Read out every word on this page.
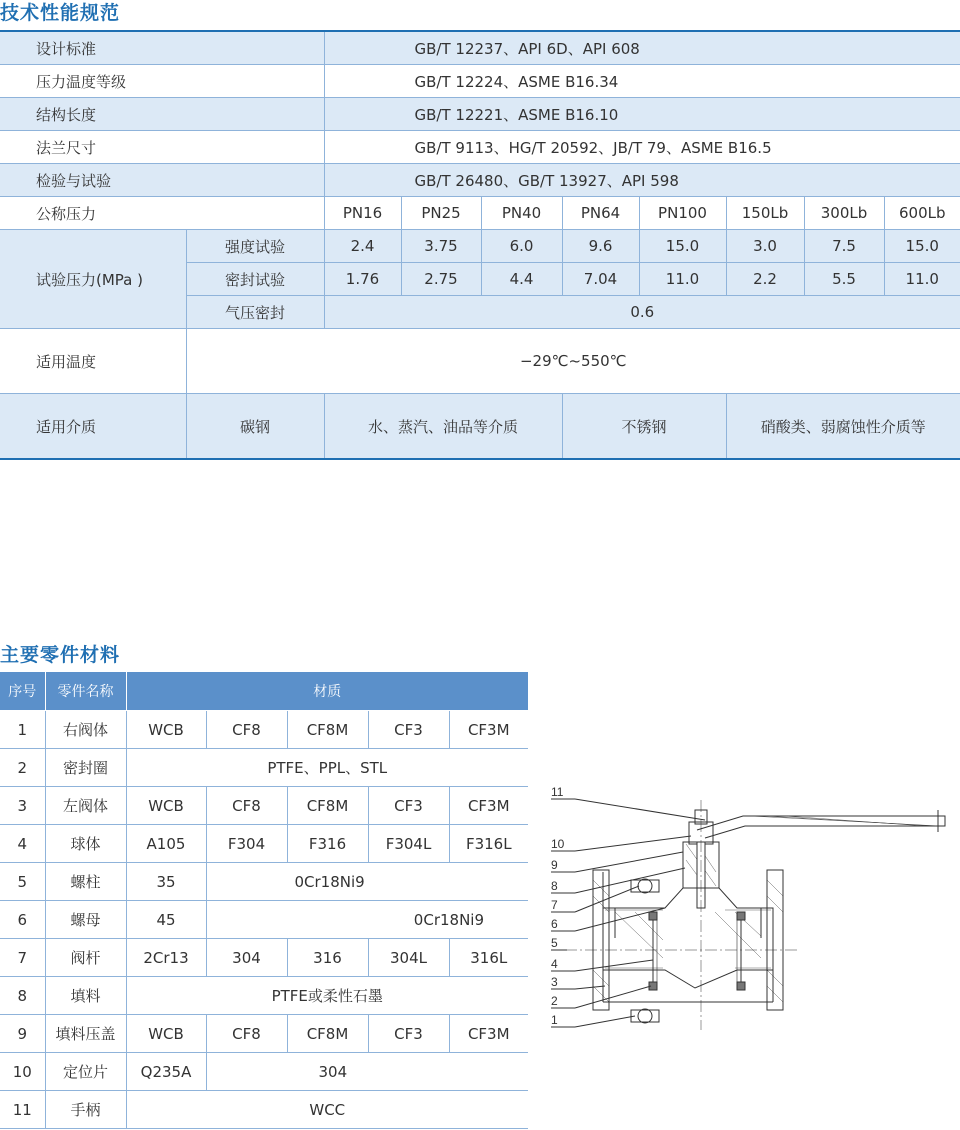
技术性能规范
设计标准		GB/T 12237、API 6D、API 608							
压力温度等级		GB/T 12224、ASME B16.34							
结构长度		GB/T 12221、ASME B16.10							
法兰尺寸		GB/T 9113、HG/T 20592、JB/T 79、ASME B16.5							
检验与试验		GB/T 26480、GB/T 13927、API 598							
公称压力		PN16	PN25	PN40	PN64	PN100	150Lb	300Lb	600Lb
试验压力(MPa )	强度试验	2.4	3.75	6.0	9.6	15.0	3.0	7.5	15.0
	密封试验	1.76	2.75	4.4	7.04	11.0	2.2	5.5	11.0
	气压密封	0.6							
适用温度	−29℃~550℃								
适用介质	碳钢	水、蒸汽、油品等介质			不锈钢		硝酸类、弱腐蚀性介质等		
主要零件材料
序号	零件名称	材质				
1	右阀体	WCB	CF8	CF8M	CF3	CF3M
2	密封圈	PTFE、PPL、STL				
3	左阀体	WCB	CF8	CF8M	CF3	CF3M
4	球体	A105	F304	F316	F304L	F316L
5	螺柱	35	0Cr18Ni9			
6	螺母	45	0Cr18Ni9			
7	阀杆	2Cr13	304	316	304L	316L
8	填料	PTFE或柔性石墨				
9	填料压盖	WCB	CF8	CF8M	CF3	CF3M
10	定位片	Q235A	304			
11	手柄	WCC				
11
10
9
8
7
6
5
4
3
2
1
